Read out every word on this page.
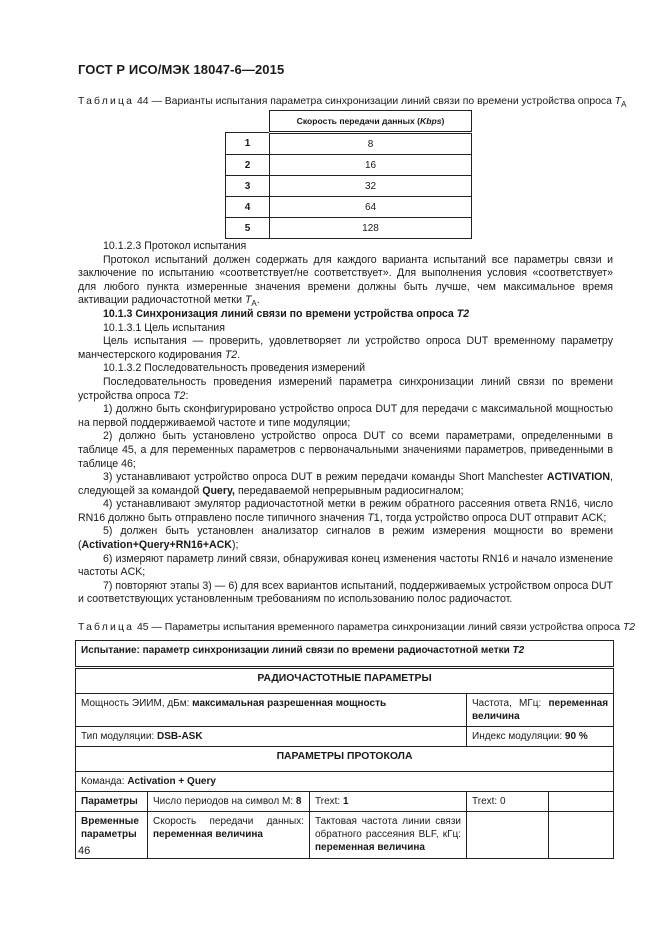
ГОСТ Р ИСО/МЭК 18047-6—2015
Таблица 44 — Варианты испытания параметра синхронизации линий связи по времени устройства опроса $T_A$
	Скорость передачи данных (Kbps)
1	8
2	16
3	32
4	64
5	128

10.1.2.3 Протокол испытания

Протокол испытаний должен содержать для каждого варианта испытаний все параметры связи и заключение по испытанию «соответствует/не соответствует». Для выполнения условия «соответствует» для любого пункта измеренные значения времени должны быть лучше, чем максимальное время активации радиочастотной метки $T_A$.

10.1.3 Синхронизация линий связи по времени устройства опроса T2

10.1.3.1 Цель испытания

Цель испытания — проверить, удовлетворяет ли устройство опроса DUT временному параметру манчестерского кодирования T2.

10.1.3.2 Последовательность проведения измерений

Последовательность проведения измерений параметра синхронизации линий связи по времени устройства опроса T2:

1) должно быть сконфигурировано устройство опроса DUT для передачи с максимальной мощностью на первой поддерживаемой частоте и типе модуляции;

2) должно быть установлено устройство опроса DUT со всеми параметрами, определенными в таблице 45, а для переменных параметров с первоначальными значениями параметров, приведенными в таблице 46;

3) устанавливают устройство опроса DUT в режим передачи команды Short Manchester ACTIVATION, следующей за командой Query, передаваемой непрерывным радиосигналом;

4) устанавливают эмулятор радиочастотной метки в режим обратного рассеяния ответа RN16, число RN16 должно быть отправлено после типичного значения T1, тогда устройство опроса DUT отправит ACK;

5) должен быть установлен анализатор сигналов в режим измерения мощности во времени (Activation+Query+RN16+ACK);

6) измеряют параметр линий связи, обнаруживая конец изменения частоты RN16 и начало изменение частоты ACK;

7) повторяют этапы 3) — 6) для всех вариантов испытаний, поддерживаемых устройством опроса DUT и соответствующих установленным требованиям по использованию полос радиочастот.

Таблица 45 — Параметры испытания временного параметра синхронизации линий связи устройства опроса T2
Испытание: параметр синхронизации линий связи по времени радиочастотной метки T2				
РАДИОЧАСТОТНЫЕ ПАРАМЕТРЫ				
Мощность ЭИИМ, дБм: максимальная разрешенная мощность			Частота, МГц: переменная величина	
Тип модуляции: DSB-ASK			Индекс модуляции: 90 %	
ПАРАМЕТРЫ ПРОТОКОЛА				
Команда: Activation + Query				
Параметры	Число периодов на символ М: 8	Trext: 1	Trext: 0	
Временные параметры	Скорость передачи данных: переменная величина	Тактовая частота линии связи обратного рассеяния BLF, кГц: переменная величина		
46
